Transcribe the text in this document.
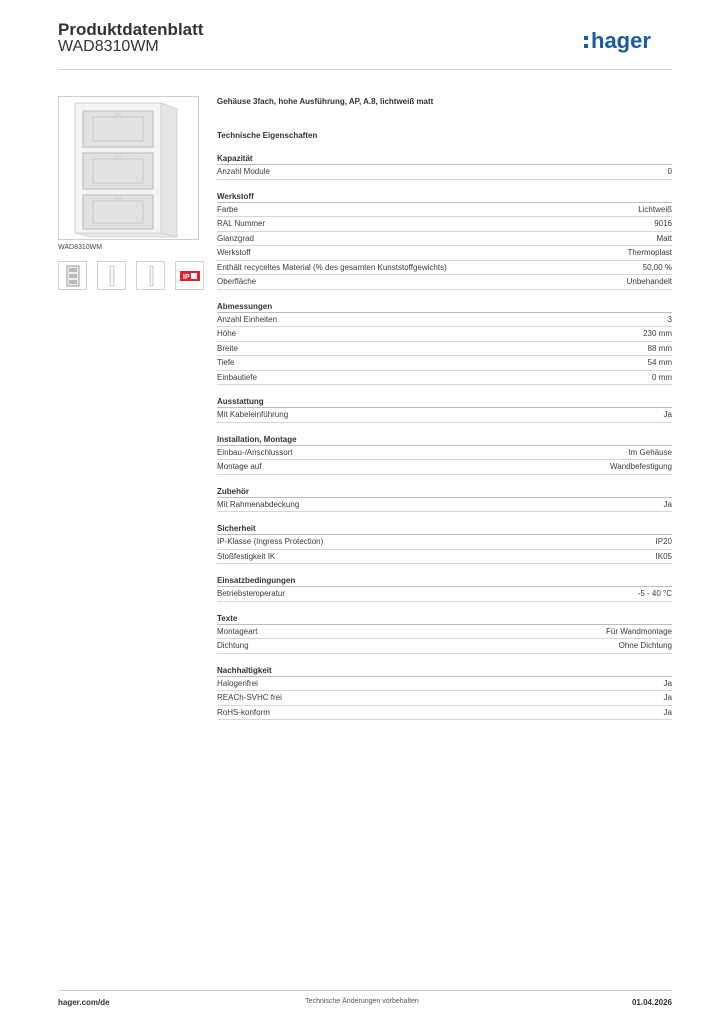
Produktdatenblatt
WAD8310WM	hager
WAD8310WM
IP
Gehäuse 3fach, hohe Ausführung, AP, A.8, lichtweiß matt
Technische Eigenschaften
Kapazität
Anzahl Module	0
Werkstoff
Farbe	Lichtweiß
RAL Nummer	9016
Glanzgrad	Matt
Werkstoff	Thermoplast
Enthält recyceltes Material (% des gesamten Kunststoffgewichts)	50,00 %
Oberfläche	Unbehandelt
Abmessungen
Anzahl Einheiten	3
Höhe	230 mm
Breite	88 mm
Tiefe	54 mm
Einbautiefe	0 mm
Ausstattung
Mit Kabeleinführung	Ja
Installation, Montage
Einbau-/Anschlussort	Im Gehäuse
Montage auf	Wandbefestigung
Zubehör
Mit Rahmenabdeckung	Ja
Sicherheit
IP-Klasse (Ingress Protection)	IP20
Stoßfestigkeit IK	IK05
Einsatzbedingungen
Betriebstemperatur	-5 - 40 °C
Texte
Montageart	Für Wandmontage
Dichtung	Ohne Dichtung
Nachhaltigkeit
Halogenfrei	Ja
REACh-SVHC frei	Ja
RoHS-konform	Ja
hager.com/de	Technische Änderungen vorbehalten	01.04.2026
